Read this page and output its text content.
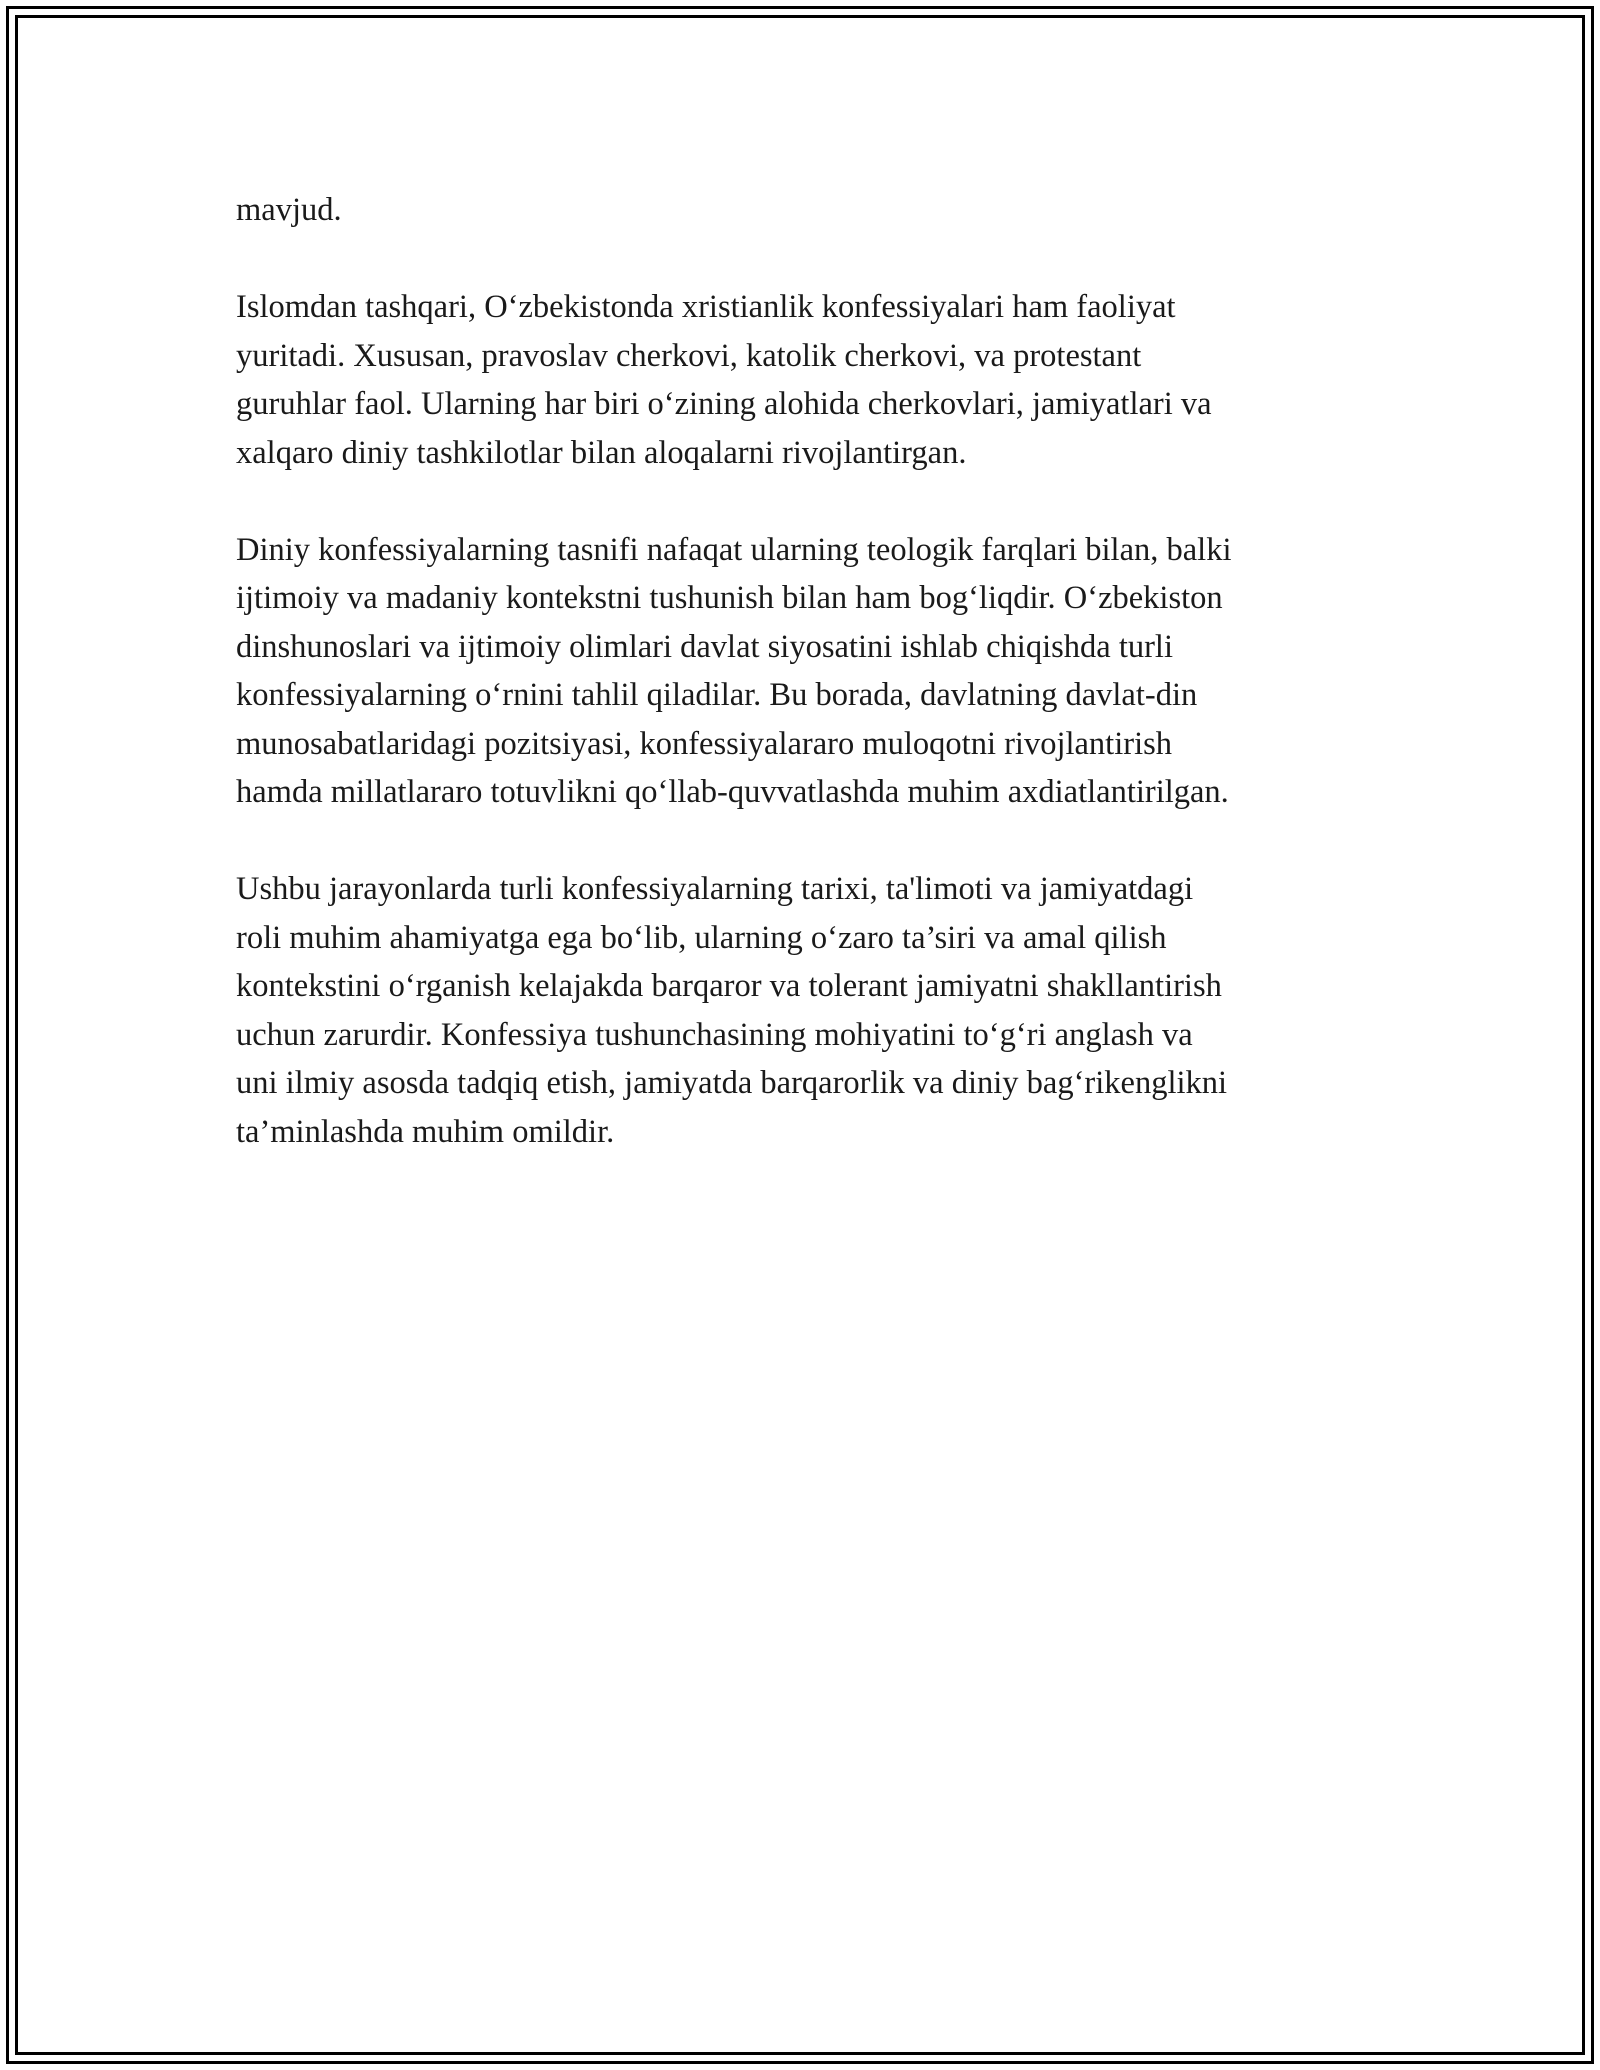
mavjud.

Islomdan tashqari, O‘zbekistonda xristianlik konfessiyalari ham faoliyat
yuritadi. Xususan, pravoslav cherkovi, katolik cherkovi, va protestant
guruhlar faol. Ularning har biri o‘zining alohida cherkovlari, jamiyatlari va
xalqaro diniy tashkilotlar bilan aloqalarni rivojlantirgan.

Diniy konfessiyalarning tasnifi nafaqat ularning teologik farqlari bilan, balki
ijtimoiy va madaniy kontekstni tushunish bilan ham bog‘liqdir. O‘zbekiston
dinshunoslari va ijtimoiy olimlari davlat siyosatini ishlab chiqishda turli
konfessiyalarning o‘rnini tahlil qiladilar. Bu borada, davlatning davlat-din
munosabatlaridagi pozitsiyasi, konfessiyalararo muloqotni rivojlantirish
hamda millatlararo totuvlikni qo‘llab-quvvatlashda muhim axdiatlantirilgan.

Ushbu jarayonlarda turli konfessiyalarning tarixi, ta'limoti va jamiyatdagi
roli muhim ahamiyatga ega bo‘lib, ularning o‘zaro ta’siri va amal qilish
kontekstini o‘rganish kelajakda barqaror va tolerant jamiyatni shakllantirish
uchun zarurdir. Konfessiya tushunchasining mohiyatini to‘g‘ri anglash va
uni ilmiy asosda tadqiq etish, jamiyatda barqarorlik va diniy bag‘rikenglikni
ta’minlashda muhim omildir.
